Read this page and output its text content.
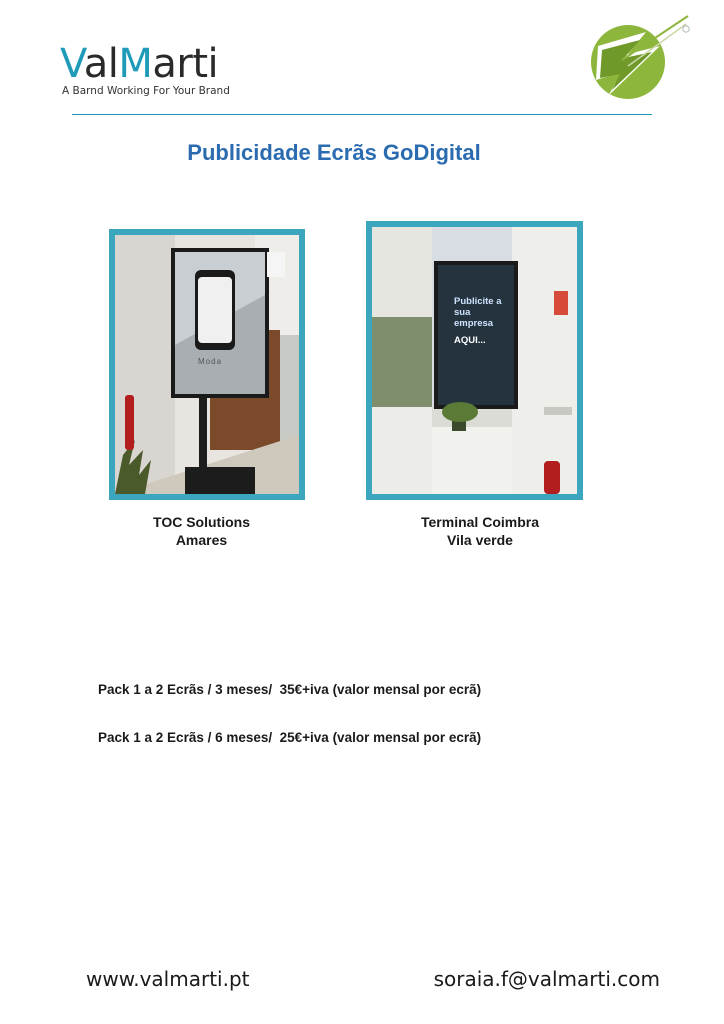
ValMarti
A Barnd Working For Your Brand
Publicidade Ecrãs GoDigital
Moda
Publicite a
sua
empresa
AQUI...
TOC Solutions
Amares
Terminal Coimbra
Vila verde
Pack 1 a 2 Ecrãs / 3 meses/  35€+iva (valor mensal por ecrã)
Pack 1 a 2 Ecrãs / 6 meses/  25€+iva (valor mensal por ecrã)
www.valmarti.pt	soraia.f@valmarti.com
